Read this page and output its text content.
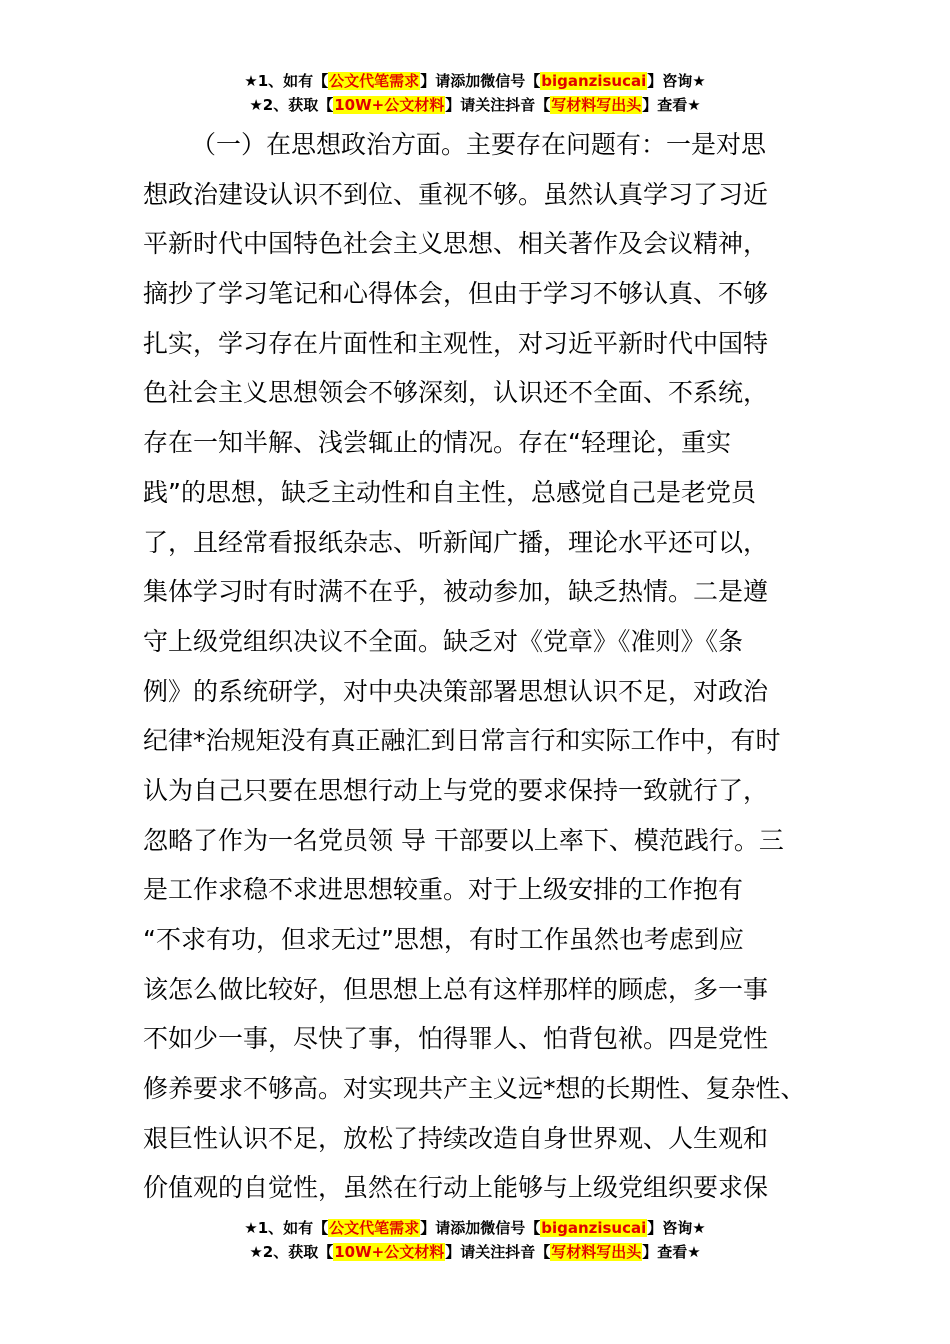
★1、如有【公文代笔需求】请添加微信号【biganzisucai】咨询★
★2、获取【10W+公文材料】请关注抖音【写材料写出头】查看★
（一）在思想政治方面。主要存在问题有：一是对思
想政治建设认识不到位、重视不够。虽然认真学习了习近
平新时代中国特色社会主义思想、相关著作及会议精神，
摘抄了学习笔记和心得体会，但由于学习不够认真、不够
扎实，学习存在片面性和主观性，对习近平新时代中国特
色社会主义思想领会不够深刻，认识还不全面、不系统，
存在一知半解、浅尝辄止的情况。存在“轻理论，重实
践”的思想，缺乏主动性和自主性，总感觉自己是老党员
了，且经常看报纸杂志、听新闻广播，理论水平还可以，
集体学习时有时满不在乎，被动参加，缺乏热情。二是遵
守上级党组织决议不全面。缺乏对《党章》《准则》《条
例》的系统研学，对中央决策部署思想认识不足，对政治
纪律*治规矩没有真正融汇到日常言行和实际工作中，有时
认为自己只要在思想行动上与党的要求保持一致就行了，
忽略了作为一名党员领 导 干部要以上率下、模范践行。三
是工作求稳不求进思想较重。对于上级安排的工作抱有
“不求有功，但求无过”思想，有时工作虽然也考虑到应
该怎么做比较好，但思想上总有这样那样的顾虑，多一事
不如少一事，尽快了事，怕得罪人、怕背包袱。四是党性
修养要求不够高。对实现共产主义远*想的长期性、复杂性、
艰巨性认识不足，放松了持续改造自身世界观、人生观和
价值观的自觉性，虽然在行动上能够与上级党组织要求保
★1、如有【公文代笔需求】请添加微信号【biganzisucai】咨询★
★2、获取【10W+公文材料】请关注抖音【写材料写出头】查看★
